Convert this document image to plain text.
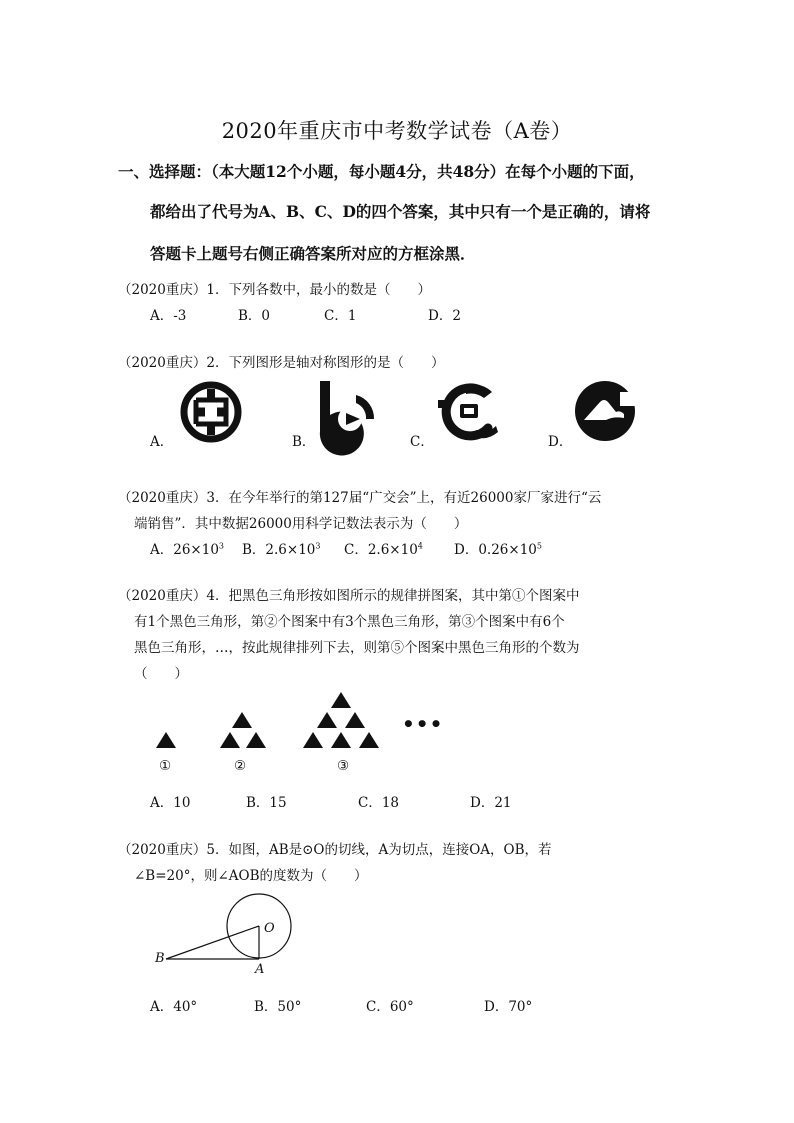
2020年重庆市中考数学试卷（A卷）
一、选择题：（本大题12个小题，每小题4分，共48分）在每个小题的下面，
都给出了代号为A、B、C、D的四个答案，其中只有一个是正确的，请将
答题卡上题号右侧正确答案所对应的方框涂黑．
（2020重庆）1．下列各数中，最小的数是（　　）
A．-3	B．0	C．1	D．2
（2020重庆）2．下列图形是轴对称图形的是（　　）
A．	B．	C．	D．
（2020重庆）3．在今年举行的第127届“广交会”上，有近26000家厂家进行“云
端销售”．其中数据26000用科学记数法表示为（　　）
A．$26\times 10^3$ B．$2.6\times 10^3$ C．$2.6\times 10^4$ D．$0.26\times 10^5$
（2020重庆）4．把黑色三角形按如图所示的规律拼图案，其中第①个图案中
有1个黑色三角形，第②个图案中有3个黑色三角形，第③个图案中有6个
黑色三角形，…，按此规律排列下去，则第⑤个图案中黑色三角形的个数为
（　　）
•••
①	②	③
A．10	B．15	C．18	D．21
（2020重庆）5．如图，AB是⊙O的切线，A为切点，连接OA，OB，若
∠B=20°，则∠AOB的度数为（　　）
O
A
B
A．40°	B．50°	C．60°	D．70°
